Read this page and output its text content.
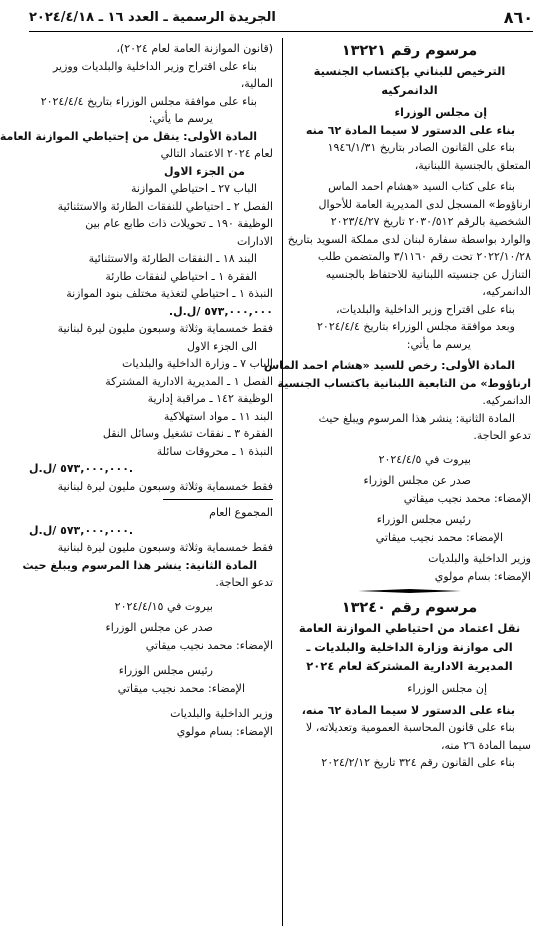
٨٦٠
الجريدة الرسمية ـ العدد ١٦ ـ ٢٠٢٤/٤/١٨

مرسوم رقم ١٣٢٢١

الترخيص للبناني بإكتساب الجنسية الدانمركيه

إن مجلس الوزراء

بناء على الدستور لا سيما المادة ٦٢ منه

بناء على القانون الصادر بتاريخ ١٩٤٦/١/٣١

المتعلق بالجنسية اللبنانية،

بناء على كتاب السيد «هشام احمد الماس

ارناؤوط» المسجل لدى المديرية العامة للأحوال

الشخصية بالرقم ٢٠٣٠/٥١٢ تاريخ ٢٠٢٣/٤/٢٧

والوارد بواسطة سفارة لبنان لدى مملكة السويد بتاريخ

٢٠٢٢/١٠/٢٨ تحت رقم ٣/١١٦٠ والمتضمن طلب

التنازل عن جنسيته اللبنانية للاحتفاظ بالجنسيه

الدانمركيه،

بناء على اقتراح وزير الداخلية والبلديات،

وبعد موافقة مجلس الوزراء بتاريخ ٢٠٢٤/٤/٤

يرسم ما يأتي:

المادة الأولى: رخص للسيد «هشام احمد الماس

ارناؤوط» من التابعية اللبنانية باكتساب الجنسية

الدانمركيه.

المادة الثانية: ينشر هذا المرسوم ويبلغ حيث

تدعو الحاجة.

بيروت في ٢٠٢٤/٤/٥

صدر عن مجلس الوزراء

الإمضاء: محمد نجيب ميقاتي

رئيس مجلس الوزراء

الإمضاء: محمد نجيب ميقاتي

وزير الداخلية والبلديات

الإمضاء: بسام مولوي

مرسوم رقم ١٣٢٤٠

نقل اعتماد من احتياطي الموازنة العامة

الى موازنة وزارة الداخلية والبلديات ـ

المديرية الادارية المشتركة لعام ٢٠٢٤

إن مجلس الوزراء

بناء على الدستور لا سيما المادة ٦٢ منه،

بناء على قانون المحاسبة العمومية وتعديلاته، لا

سيما المادة ٢٦ منه،

بناء على القانون رقم ٣٢٤ تاريخ ٢٠٢٤/٢/١٢

(قانون الموازنة العامة لعام ٢٠٢٤)،

بناء على اقتراح وزير الداخلية والبلديات ووزير

المالية،

بناء على موافقة مجلس الوزراء بتاريخ ٢٠٢٤/٤/٤

يرسم ما يأتي:

المادة الأولى: ينقل من إحتياطي الموازنة العامة

لعام ٢٠٢٤ الاعتماد التالي

من الجزء الاول

الباب ٢٧ ـ احتياطي الموازنة

الفصل ٢ ـ احتياطي للنفقات الطارئة والاستثنائية

الوظيفة ١٩٠ ـ تحويلات ذات طابع عام بين

الادارات

البند ١٨ ـ النفقات الطارئة والاستثنائية

الفقرة ١ ـ احتياطي لنفقات طارئة

النبذة ١ ـ احتياطي لتغذية مختلف بنود الموازنة

٥٧٣,٠٠٠,٠٠٠ /ل.ل.

فقط خمسماية وثلاثة وسبعون مليون ليرة لبنانية

الى الجزء الاول

الباب ٧ ـ وزارة الداخلية والبلديات

الفصل ١ ـ المديرية الادارية المشتركة

الوظيفة ١٤٢ ـ مراقبة إدارية

البند ١١ ـ مواد استهلاكية

الفقرة ٣ ـ نفقات تشغيل وسائل النقل

النبذة ١ ـ محروقات سائلة

٥٧٣,٠٠٠,٠٠٠ /ل.ل.

فقط خمسماية وثلاثة وسبعون مليون ليرة لبنانية

المجموع العام

٥٧٣,٠٠٠,٠٠٠ /ل.ل.

فقط خمسماية وثلاثة وسبعون مليون ليرة لبنانية

المادة الثانية: ينشر هذا المرسوم ويبلغ حيث

تدعو الحاجة.

بيروت في ٢٠٢٤/٤/١٥

صدر عن مجلس الوزراء

الإمضاء: محمد نجيب ميقاتي

رئيس مجلس الوزراء

الإمضاء: محمد نجيب ميقاتي

وزير الداخلية والبلديات

الإمضاء: بسام مولوي
